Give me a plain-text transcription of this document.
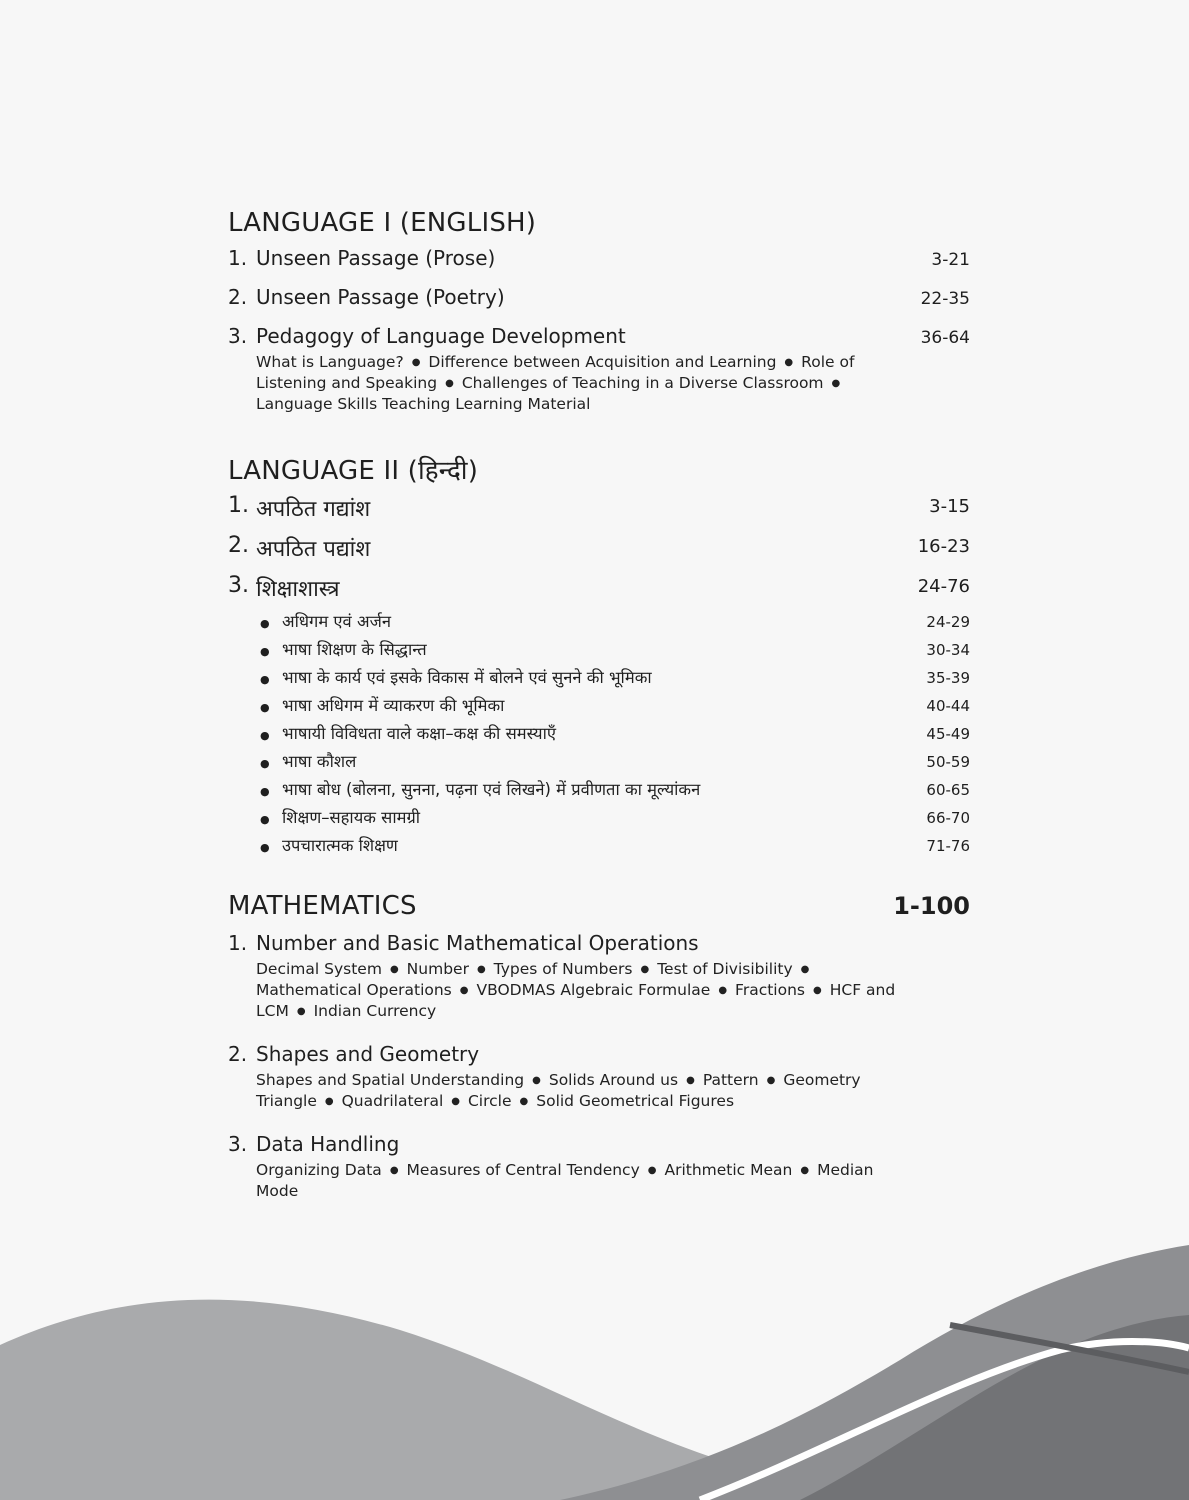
LANGUAGE I (ENGLISH)
1. Unseen Passage (Prose)	3-21
2. Unseen Passage (Poetry)	22-35
3. Pedagogy of Language Development	36-64
What is Language? ● Difference between Acquisition and Learning ● Role of Listening and Speaking ● Challenges of Teaching in a Diverse Classroom ●Language Skills Teaching Learning Material
LANGUAGE II (हिन्दी)
1. अपठित गद्यांश	3-15
2. अपठित पद्यांश	16-23
3. शिक्षाशास्त्र	24-76
● अधिगम एवं अर्जन	24-29
● भाषा शिक्षण के सिद्धान्त	30-34
● भाषा के कार्य एवं इसके विकास में बोलने एवं सुनने की भूमिका	35-39
● भाषा अधिगम में व्याकरण की भूमिका	40-44
● भाषायी विविधता वाले कक्षा–कक्ष की समस्याएँ	45-49
● भाषा कौशल	50-59
● भाषा बोध (बोलना, सुनना, पढ़ना एवं लिखने) में प्रवीणता का मूल्यांकन	60-65
● शिक्षण–सहायक सामग्री	66-70
● उपचारात्मक शिक्षण	71-76
MATHEMATICS	1-100
1. Number and Basic Mathematical Operations
Decimal System ● Number ● Types of Numbers ● Test of Divisibility ●Mathematical Operations ● VBODMAS Algebraic Formulae ● Fractions ● HCF and LCM ● Indian Currency
2. Shapes and Geometry
Shapes and Spatial Understanding ● Solids Around us ● Pattern ● Geometry Triangle ● Quadrilateral ● Circle ● Solid Geometrical Figures
3. Data Handling
Organizing Data ● Measures of Central Tendency ● Arithmetic Mean ● Median Mode
